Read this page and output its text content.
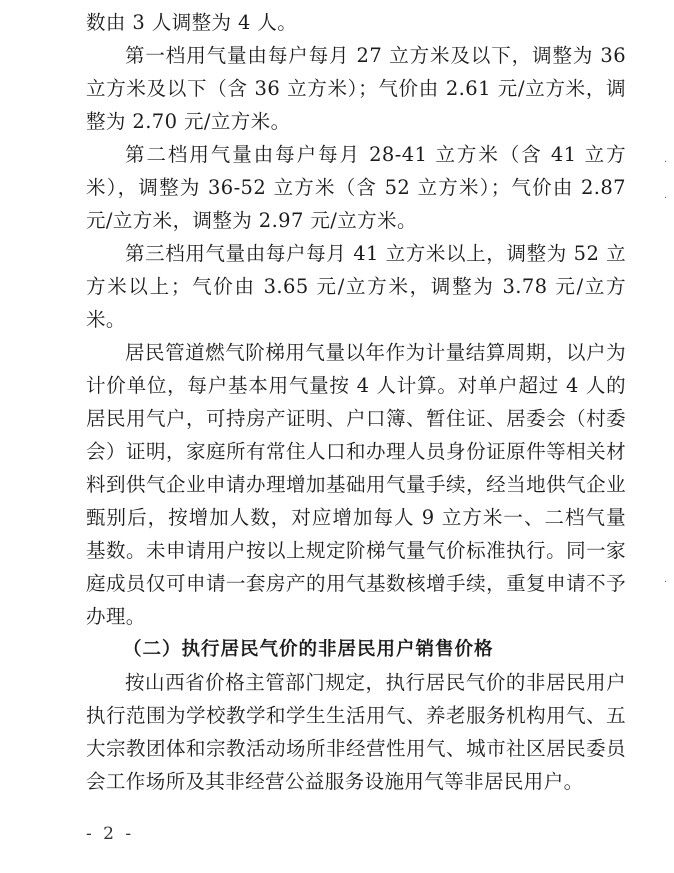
数由 3 人调整为 4 人。

第一档用气量由每户每月 27 立方米及以下，调整为 36 立方米及以下（含 36 立方米）；气价由 2.61 元/立方米，调整为 2.70 元/立方米。

第二档用气量由每户每月 28-41 立方米（含 41 立方米），调整为 36-52 立方米（含 52 立方米）；气价由 2.87 元/立方米，调整为 2.97 元/立方米。

第三档用气量由每户每月 41 立方米以上，调整为 52 立方米以上；气价由 3.65 元/立方米，调整为 3.78 元/立方米。

居民管道燃气阶梯用气量以年作为计量结算周期，以户为计价单位，每户基本用气量按 4 人计算。对单户超过 4 人的居民用气户，可持房产证明、户口簿、暂住证、居委会（村委会）证明，家庭所有常住人口和办理人员身份证原件等相关材料到供气企业申请办理增加基础用气量手续，经当地供气企业甄别后，按增加人数，对应增加每人 9 立方米一、二档气量基数。未申请用户按以上规定阶梯气量气价标准执行。同一家庭成员仅可申请一套房产的用气基数核增手续，重复申请不予办理。

（二）执行居民气价的非居民用户销售价格

按山西省价格主管部门规定，执行居民气价的非居民用户执行范围为学校教学和学生生活用气、养老服务机构用气、五大宗教团体和宗教活动场所非经营性用气、城市社区居民委员会工作场所及其非经营公益服务设施用气等非居民用户。

- 2 -
·
·
·
